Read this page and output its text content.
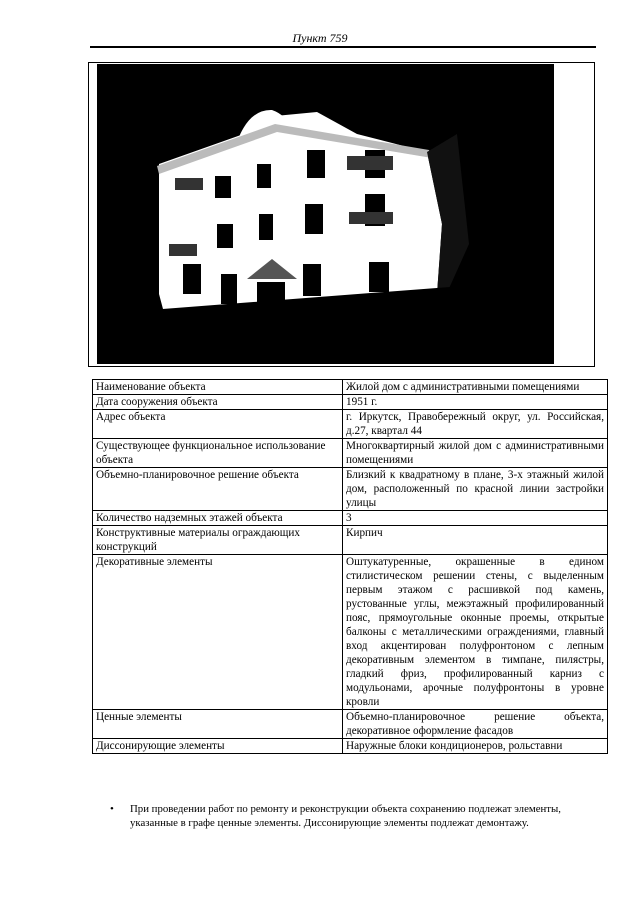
Пункт 759
Наименование объекта	Жилой дом с административными помещениями
Дата сооружения объекта	1951 г.
Адрес объекта	г. Иркутск, Правобережный округ, ул. Российская, д.27, квартал 44
Существующее функциональное использование объекта	Многоквартирный жилой дом с административными помещениями
Объемно-планировочное решение объекта	Близкий к квадратному в плане, 3-х этажный жилой дом, расположенный по красной линии застройки улицы
Количество надземных этажей объекта	3
Конструктивные материалы ограждающих конструкций	Кирпич
Декоративные элементы	Оштукатуренные, окрашенные в едином стилистическом решении стены, с выделенным первым этажом с расшивкой под камень, рустованные углы, межэтажный профилированный пояс, прямоугольные оконные проемы, открытые балконы с металлическими ограждениями, главный вход акцентирован полуфронтоном с лепным декоративным элементом в тимпане, пилястры, гладкий фриз, профилированный карниз с модульонами, арочные полуфронтоны в уровне кровли
Ценные элементы	Объемно-планировочное решение объекта, декоративное оформление фасадов
Диссонирующие элементы	Наружные блоки кондиционеров, рольставни
• При проведении работ по ремонту и реконструкции объекта сохранению подлежат элементы, указанные в графе ценные элементы. Диссонирующие элементы подлежат демонтажу.
